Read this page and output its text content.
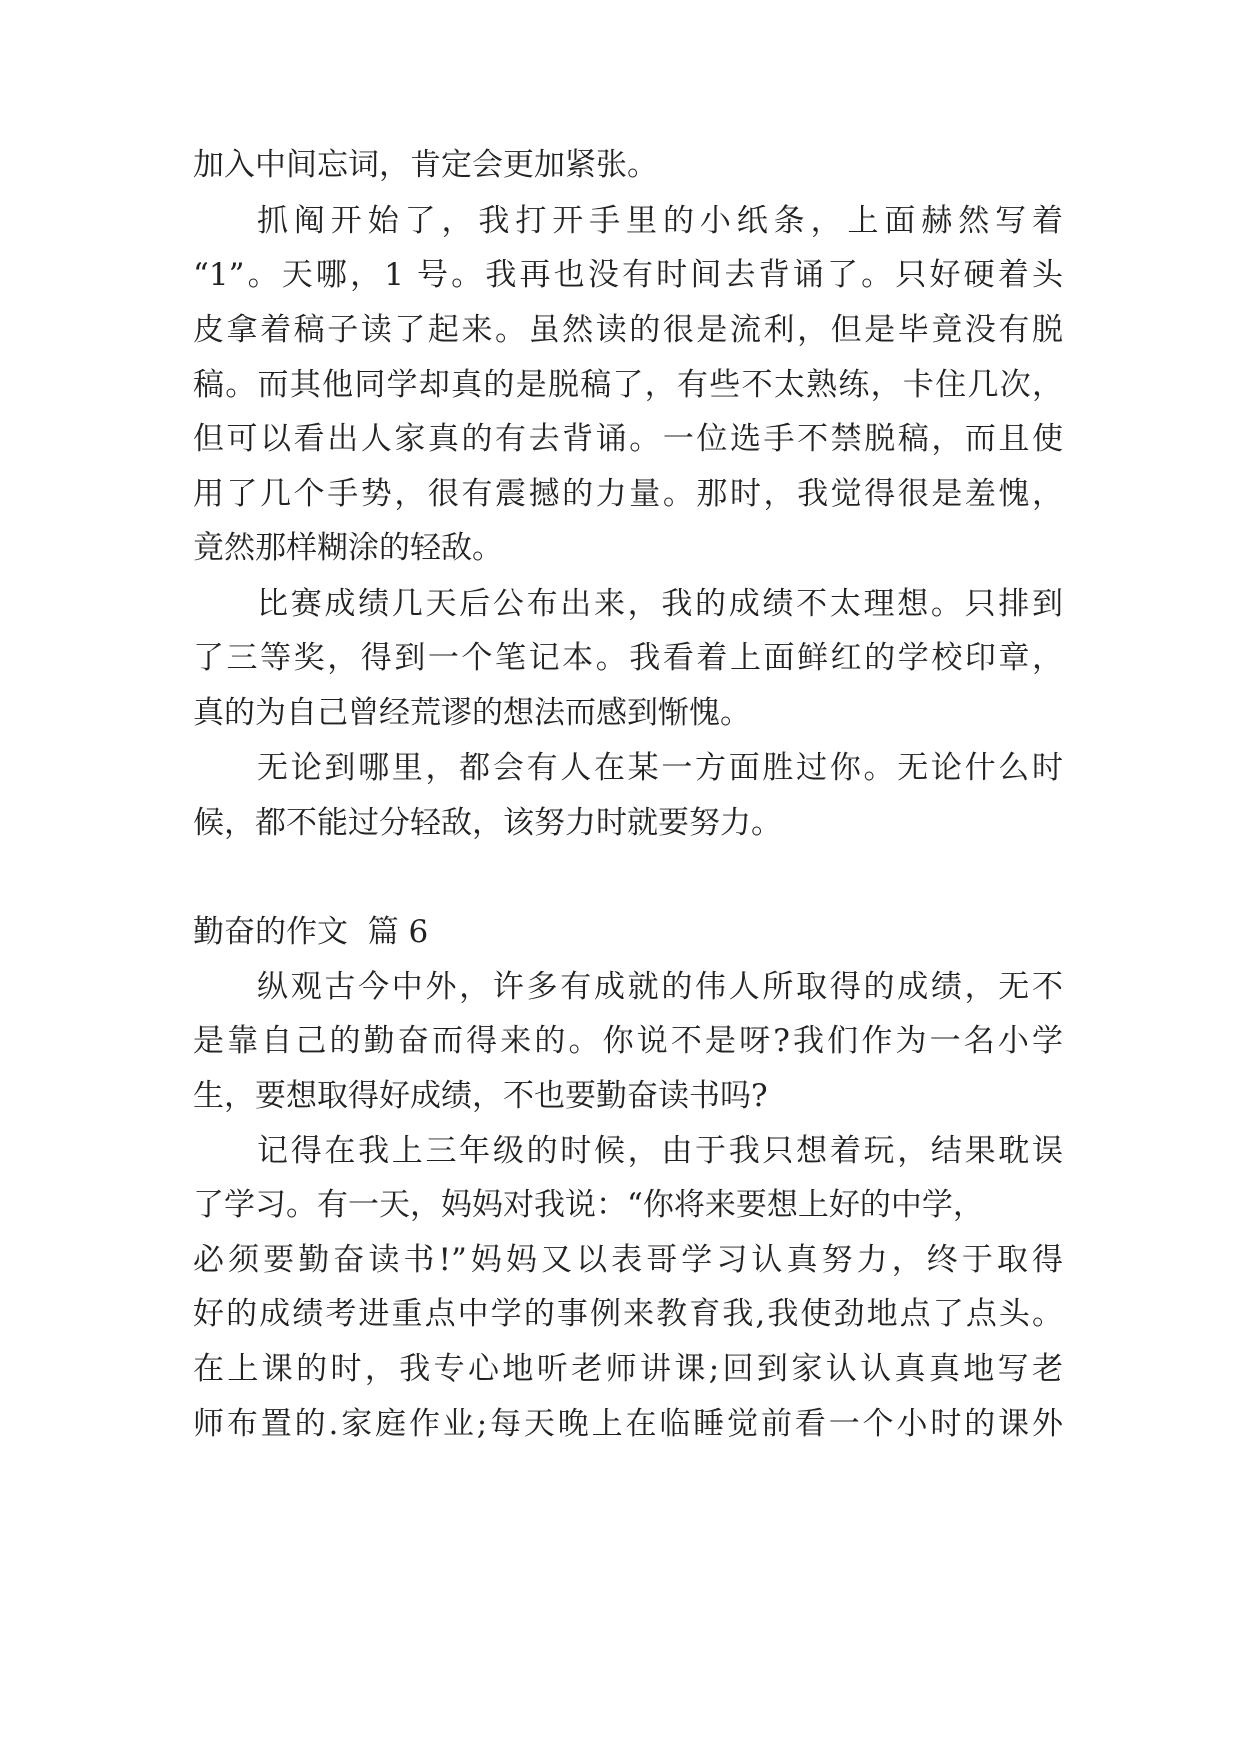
加入中间忘词，肯定会更加紧张。
抓阄开始了，我打开手里的小纸条，上面赫然写着
“1”。天哪，1 号。我再也没有时间去背诵了。只好硬着头
皮拿着稿子读了起来。虽然读的很是流利，但是毕竟没有脱
稿。而其他同学却真的是脱稿了，有些不太熟练，卡住几次，
但可以看出人家真的有去背诵。一位选手不禁脱稿，而且使
用了几个手势，很有震撼的力量。那时，我觉得很是羞愧，
竟然那样糊涂的轻敌。
比赛成绩几天后公布出来，我的成绩不太理想。只排到
了三等奖，得到一个笔记本。我看着上面鲜红的学校印章，
真的为自己曾经荒谬的想法而感到惭愧。
无论到哪里，都会有人在某一方面胜过你。无论什么时
候，都不能过分轻敌，该努力时就要努力。
勤奋的作文  篇 6
纵观古今中外，许多有成就的伟人所取得的成绩，无不
是靠自己的勤奋而得来的。你说不是呀?我们作为一名小学
生，要想取得好成绩，不也要勤奋读书吗?
记得在我上三年级的时候，由于我只想着玩，结果耽误
了学习。有一天，妈妈对我说：“你将来要想上好的中学，
必须要勤奋读书!”妈妈又以表哥学习认真努力，终于取得
好的成绩考进重点中学的事例来教育我,我使劲地点了点头。
在上课的时，我专心地听老师讲课;回到家认认真真地写老
师布置的.家庭作业;每天晚上在临睡觉前看一个小时的课外
